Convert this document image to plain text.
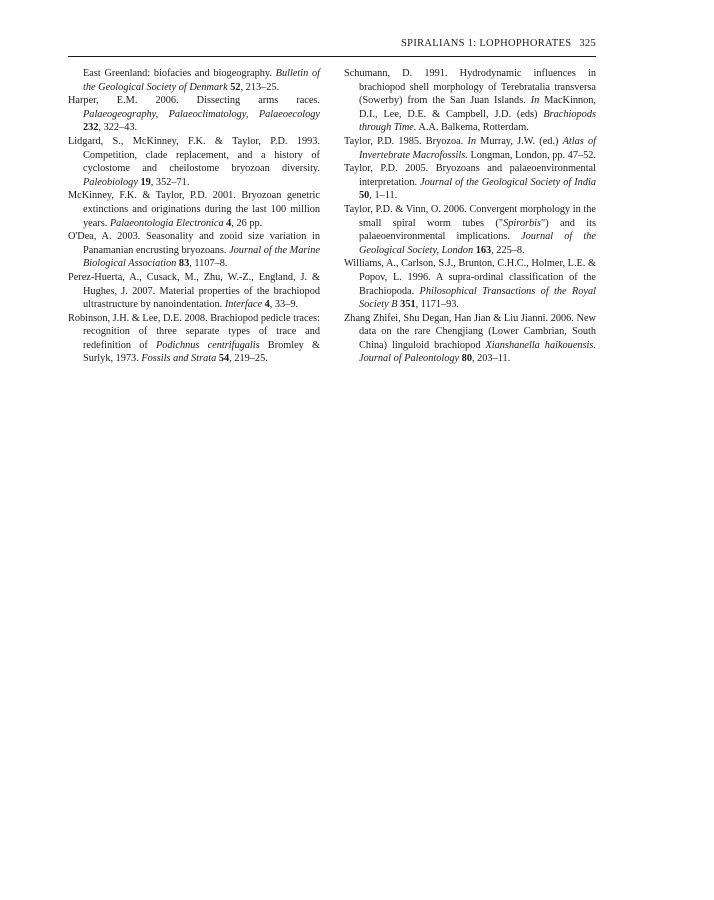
SPIRALIANS 1: LOPHOPHORATES 325

East Greenland: biofacies and biogeography. Bulletin of the Geological Society of Denmark 52, 213–25.

Harper, E.M. 2006. Dissecting arms races. Palaeogeography, Palaeoclimatology, Palaeoecology 232, 322–43.

Lidgard, S., McKinney, F.K. & Taylor, P.D. 1993. Competition, clade replacement, and a history of cyclostome and cheilostome bryozoan diversity. Paleobiology 19, 352–71.

McKinney, F.K. & Taylor, P.D. 2001. Bryozoan genetric extinctions and originations during the last 100 million years. Palaeontologia Electronica 4, 26 pp.

O'Dea, A. 2003. Seasonality and zooid size variation in Panamanian encrusting bryozoans. Journal of the Marine Biological Association 83, 1107–8.

Perez-Huerta, A., Cusack, M., Zhu, W.-Z., England, J. & Hughes, J. 2007. Material properties of the brachiopod ultrastructure by nanoindentation. Interface 4, 33–9.

Robinson, J.H. & Lee, D.E. 2008. Brachiopod pedicle traces: recognition of three separate types of trace and redefinition of Podichnus centrifugalis Bromley & Surlyk, 1973. Fossils and Strata 54, 219–25.

Schumann, D. 1991. Hydrodynamic influences in brachiopod shell morphology of Terebratalia transversa (Sowerby) from the San Juan Islands. In MacKinnon, D.I., Lee, D.E. & Campbell, J.D. (eds) Brachiopods through Time. A.A. Balkema, Rotterdam.

Taylor, P.D. 1985. Bryozoa. In Murray, J.W. (ed.) Atlas of Invertebrate Macrofossils. Longman, London, pp. 47–52.

Taylor, P.D. 2005. Bryozoans and palaeoenvironmental interpretation. Journal of the Geological Society of India 50, 1–11.

Taylor, P.D. & Vinn, O. 2006. Convergent morphology in the small spiral worm tubes ("Spirorbis") and its palaeoenvironmental implications. Journal of the Geological Society, London 163, 225–8.

Williams, A., Carlson, S.J., Brunton, C.H.C., Holmer, L.E. & Popov, L. 1996. A supra-ordinal classification of the Brachiopoda. Philosophical Transactions of the Royal Society B 351, 1171–93.

Zhang Zhifei, Shu Degan, Han Jian & Liu Jianni. 2006. New data on the rare Chengjiang (Lower Cambrian, South China) linguloid brachiopod Xianshanella haikouensis. Journal of Paleontology 80, 203–11.
